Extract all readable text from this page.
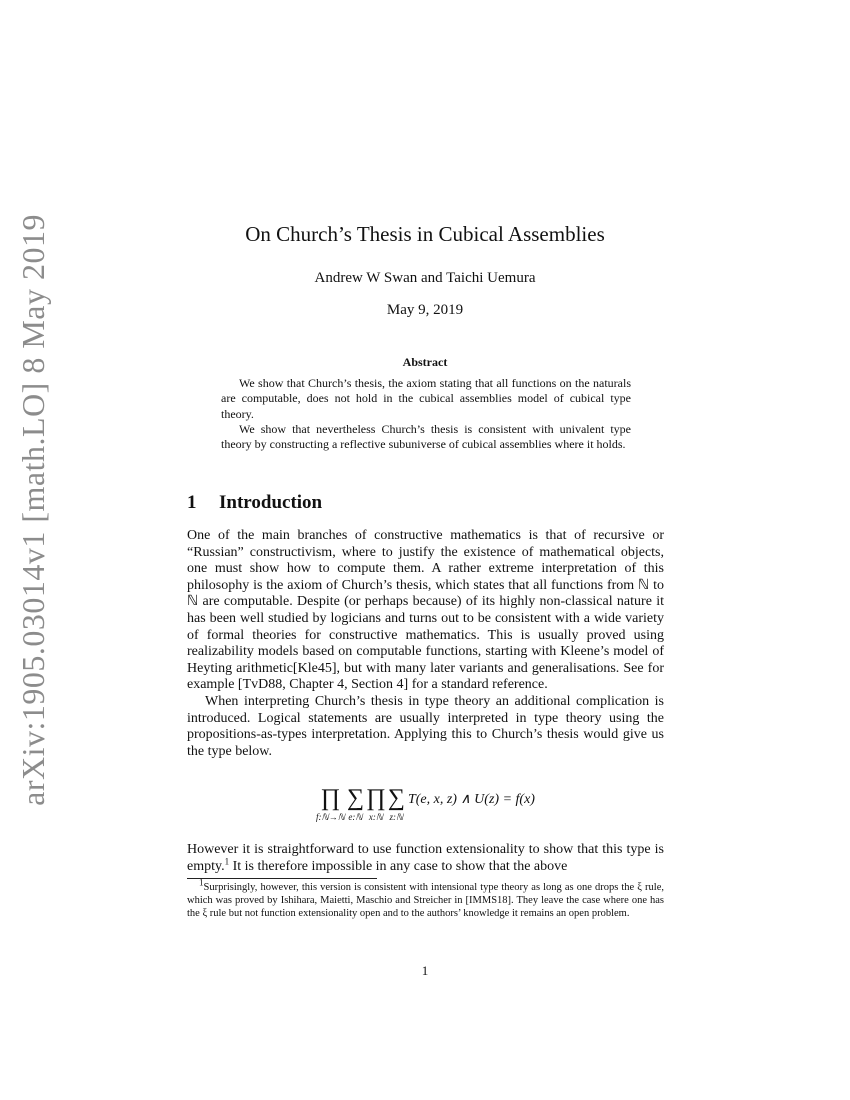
arXiv:1905.03014v1 [math.LO] 8 May 2019	On Church’s Thesis in Cubical Assemblies
Andrew W Swan and Taichi Uemura
May 9, 2019
Abstract

We show that Church’s thesis, the axiom stating that all functions on the naturals are computable, does not hold in the cubical assemblies model of cubical type theory.

We show that nevertheless Church’s thesis is consistent with univalent type theory by constructing a reflective subuniverse of cubical assemblies where it holds.

1 Introduction

One of the main branches of constructive mathematics is that of recursive or “Russian” constructivism, where to justify the existence of mathematical objects, one must show how to compute them. A rather extreme interpretation of this philosophy is the axiom of Church’s thesis, which states that all functions from ℕ to ℕ are computable. Despite (or perhaps because) of its highly non-classical nature it has been well studied by logicians and turns out to be consistent with a wide variety of formal theories for constructive mathematics. This is usually proved using realizability models based on computable functions, starting with Kleene’s model of Heyting arithmetic[Kle45], but with many later variants and generalisations. See for example [TvD88, Chapter 4, Section 4] for a standard reference.

When interpreting Church’s thesis in type theory an additional complication is introduced. Logical statements are usually interpreted in type theory using the propositions-as-types interpretation. Applying this to Church’s thesis would give us the type below.

∏
f:ℕ→ℕ
∑
e:ℕ
∏
x:ℕ
∑
z:ℕ
T(e, x, z) ∧ U(z) = f(x)

However it is straightforward to use function extensionality to show that this type is empty.$^1$ It is therefore impossible in any case to show that the above

1Surprisingly, however, this version is consistent with intensional type theory as long as one drops the ξ rule, which was proved by Ishihara, Maietti, Maschio and Streicher in [IMMS18]. They leave the case where one has the ξ rule but not function extensionality open and to the authors’ knowledge it remains an open problem.

1
